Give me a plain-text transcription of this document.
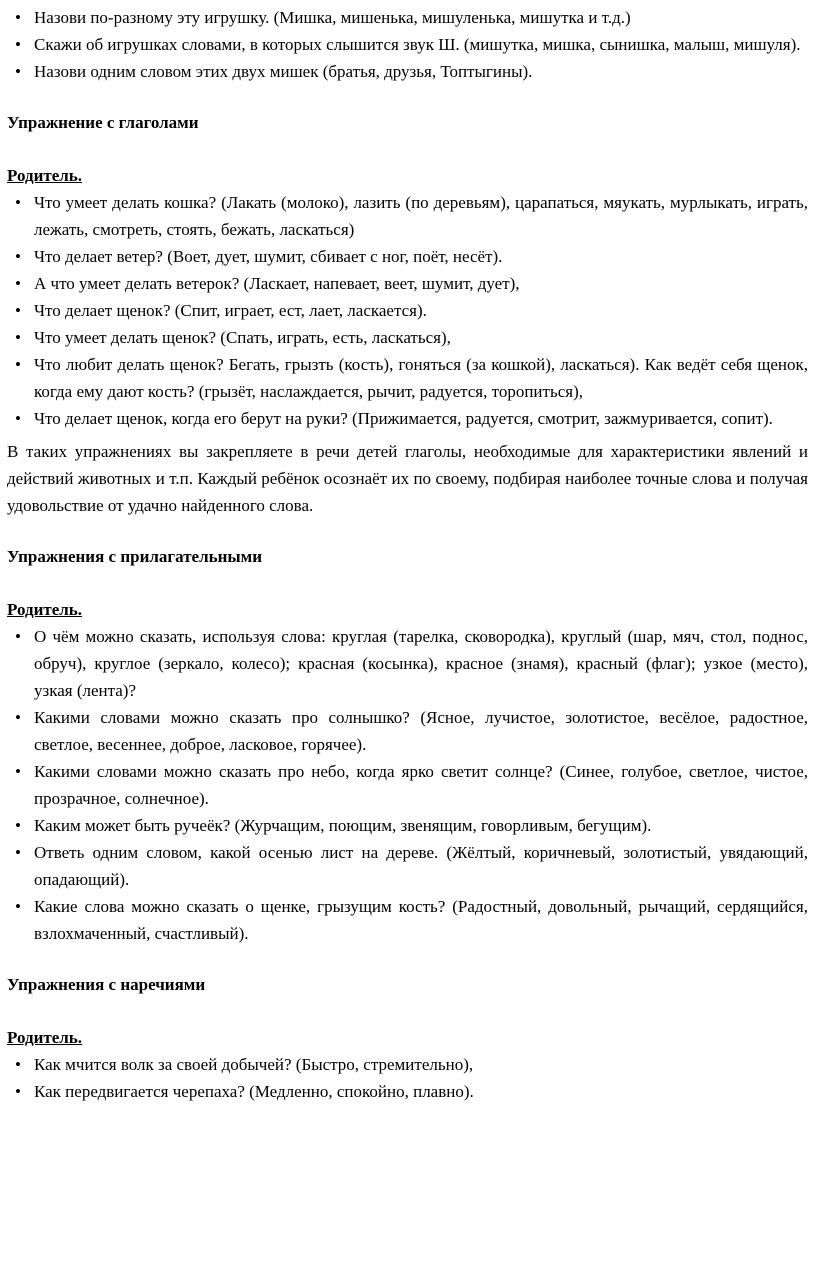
• Назови по-разному эту игрушку. (Мишка, мишенька, мишуленька, мишутка и т.д.)
• Скажи об игрушках словами, в которых слышится звук Ш. (мишутка, мишка, сынишка, малыш, мишуля).
• Назови одним словом этих двух мишек (братья, друзья, Топтыгины).
Упражнение с глаголами

Родитель.

• Что умеет делать кошка? (Лакать (молоко), лазить (по деревьям), царапаться, мяукать, мурлыкать, играть, лежать, смотреть, стоять, бежать, ласкаться)
• Что делает ветер? (Воет, дует, шумит, сбивает с ног, поёт, несёт).
• А что умеет делать ветерок? (Ласкает, напевает, веет, шумит, дует),
• Что делает щенок? (Спит, играет, ест, лает, ласкается).
• Что умеет делать щенок? (Спать, играть, есть, ласкаться),
• Что любит делать щенок? Бегать, грызть (кость), гоняться (за кошкой), ласкаться). Как ведёт себя щенок, когда ему дают кость? (грызёт, наслаждается, рычит, радуется, торопиться),
• Что делает щенок, когда его берут на руки? (Прижимается, радуется, смотрит, зажмуривается, сопит).

В таких упражнениях вы закрепляете в речи детей глаголы, необходимые для характеристики явлений и действий животных и т.п. Каждый ребёнок осознаёт их по своему, подбирая наиболее точные слова и получая удовольствие от удачно найденного слова.

Упражнения с прилагательными

Родитель.

• О чём можно сказать, используя слова: круглая (тарелка, сковородка), круглый (шар, мяч, стол, поднос, обруч), круглое (зеркало, колесо); красная (косынка), красное (знамя), красный (флаг); узкое (место), узкая (лента)?
• Какими словами можно сказать про солнышко? (Ясное, лучистое, золотистое, весёлое, радостное, светлое, весеннее, доброе, ласковое, горячее).
• Какими словами можно сказать про небо, когда ярко светит солнце? (Синее, голубое, светлое, чистое, прозрачное, солнечное).
• Каким может быть ручеёк? (Журчащим, поющим, звенящим, говорливым, бегущим).
• Ответь одним словом, какой осенью лист на дереве. (Жёлтый, коричневый, золотистый, увядающий, опадающий).
• Какие слова можно сказать о щенке, грызущим кость? (Радостный, довольный, рычащий, сердящийся, взлохмаченный, счастливый).
Упражнения с наречиями

Родитель.

• Как мчится волк за своей добычей? (Быстро, стремительно),
• Как передвигается черепаха? (Медленно, спокойно, плавно).
